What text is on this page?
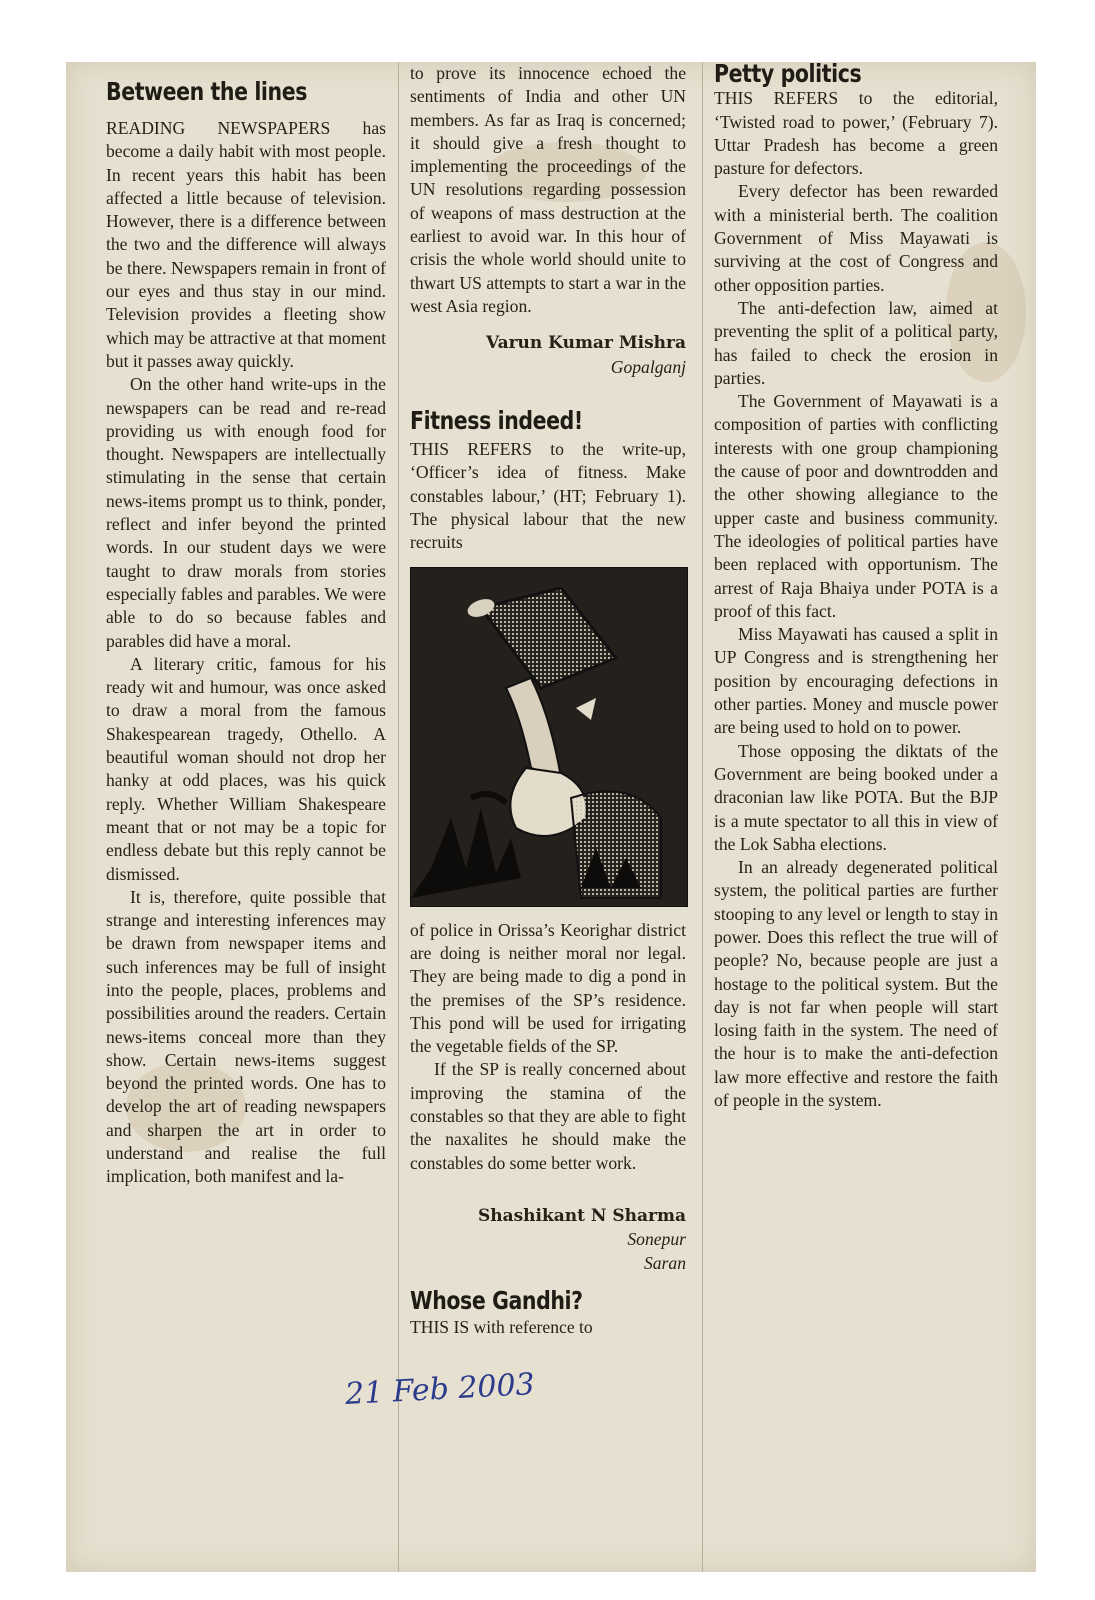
Between the lines

READING NEWSPAPERS has become a daily habit with most people. In recent years this habit has been affected a little because of television. However, there is a difference between the two and the difference will always be there. Newspapers remain in front of our eyes and thus stay in our mind. Television provides a fleeting show which may be attractive at that moment but it passes away quickly.

On the other hand write-ups in the newspapers can be read and re-read providing us with enough food for thought. Newspapers are intellectually stimulating in the sense that certain news-items prompt us to think, ponder, reflect and infer beyond the printed words. In our student days we were taught to draw morals from stories especially fables and parables. We were able to do so because fables and parables did have a moral.

A literary critic, famous for his ready wit and humour, was once asked to draw a moral from the famous Shakespearean tragedy, Othello. A beautiful woman should not drop her hanky at odd places, was his quick reply. Whether William Shakespeare meant that or not may be a topic for endless debate but this reply cannot be dismissed.

It is, therefore, quite possible that strange and interesting inferences may be drawn from newspaper items and such inferences may be full of insight into the people, places, problems and possibilities around the readers. Certain news-items conceal more than they show. Certain news-items suggest beyond the printed words. One has to develop the art of reading newspapers and sharpen the art in order to understand and realise the full implication, both manifest and la-

to prove its innocence echoed the sentiments of India and other UN members. As far as Iraq is concerned; it should give a fresh thought to implementing the proceedings of the UN resolutions regarding possession of weapons of mass destruction at the earliest to avoid war. In this hour of crisis the whole world should unite to thwart US attempts to start a war in the west Asia region.

Varun Kumar Mishra

Gopalganj

Fitness indeed!

THIS REFERS to the write-up, ‘Officer’s idea of fitness. Make constables labour,’ (HT; February 1). The physical labour that the new recruits

of police in Orissa’s Keorighar district are doing is neither moral nor legal. They are being made to dig a pond in the premises of the SP’s residence. This pond will be used for irrigating the vegetable fields of the SP.

If the SP is really concerned about improving the stamina of the constables so that they are able to fight the naxalites he should make the constables do some better work.

Shashikant N Sharma

Sonepur

Saran

Whose Gandhi?

THIS IS with reference to

Petty politics

THIS REFERS to the editorial, ‘Twisted road to power,’ (February 7). Uttar Pradesh has become a green pasture for defectors.

Every defector has been rewarded with a ministerial berth. The coalition Government of Miss Mayawati is surviving at the cost of Congress and other opposition parties.

The anti-defection law, aimed at preventing the split of a political party, has failed to check the erosion in parties.

The Government of Mayawati is a composition of parties with conflicting interests with one group championing the cause of poor and downtrodden and the other showing allegiance to the upper caste and business community. The ideologies of political parties have been replaced with opportunism. The arrest of Raja Bhaiya under POTA is a proof of this fact.

Miss Mayawati has caused a split in UP Congress and is strengthening her position by encouraging defections in other parties. Money and muscle power are being used to hold on to power.

Those opposing the diktats of the Government are being booked under a draconian law like POTA. But the BJP is a mute spectator to all this in view of the Lok Sabha elections.

In an already degenerated political system, the political parties are further stooping to any level or length to stay in power. Does this reflect the true will of people? No, because people are just a hostage to the political system. But the day is not far when people will start losing faith in the system. The need of the hour is to make the anti-defection law more effective and restore the faith of people in the system.

21 Feb 2003
